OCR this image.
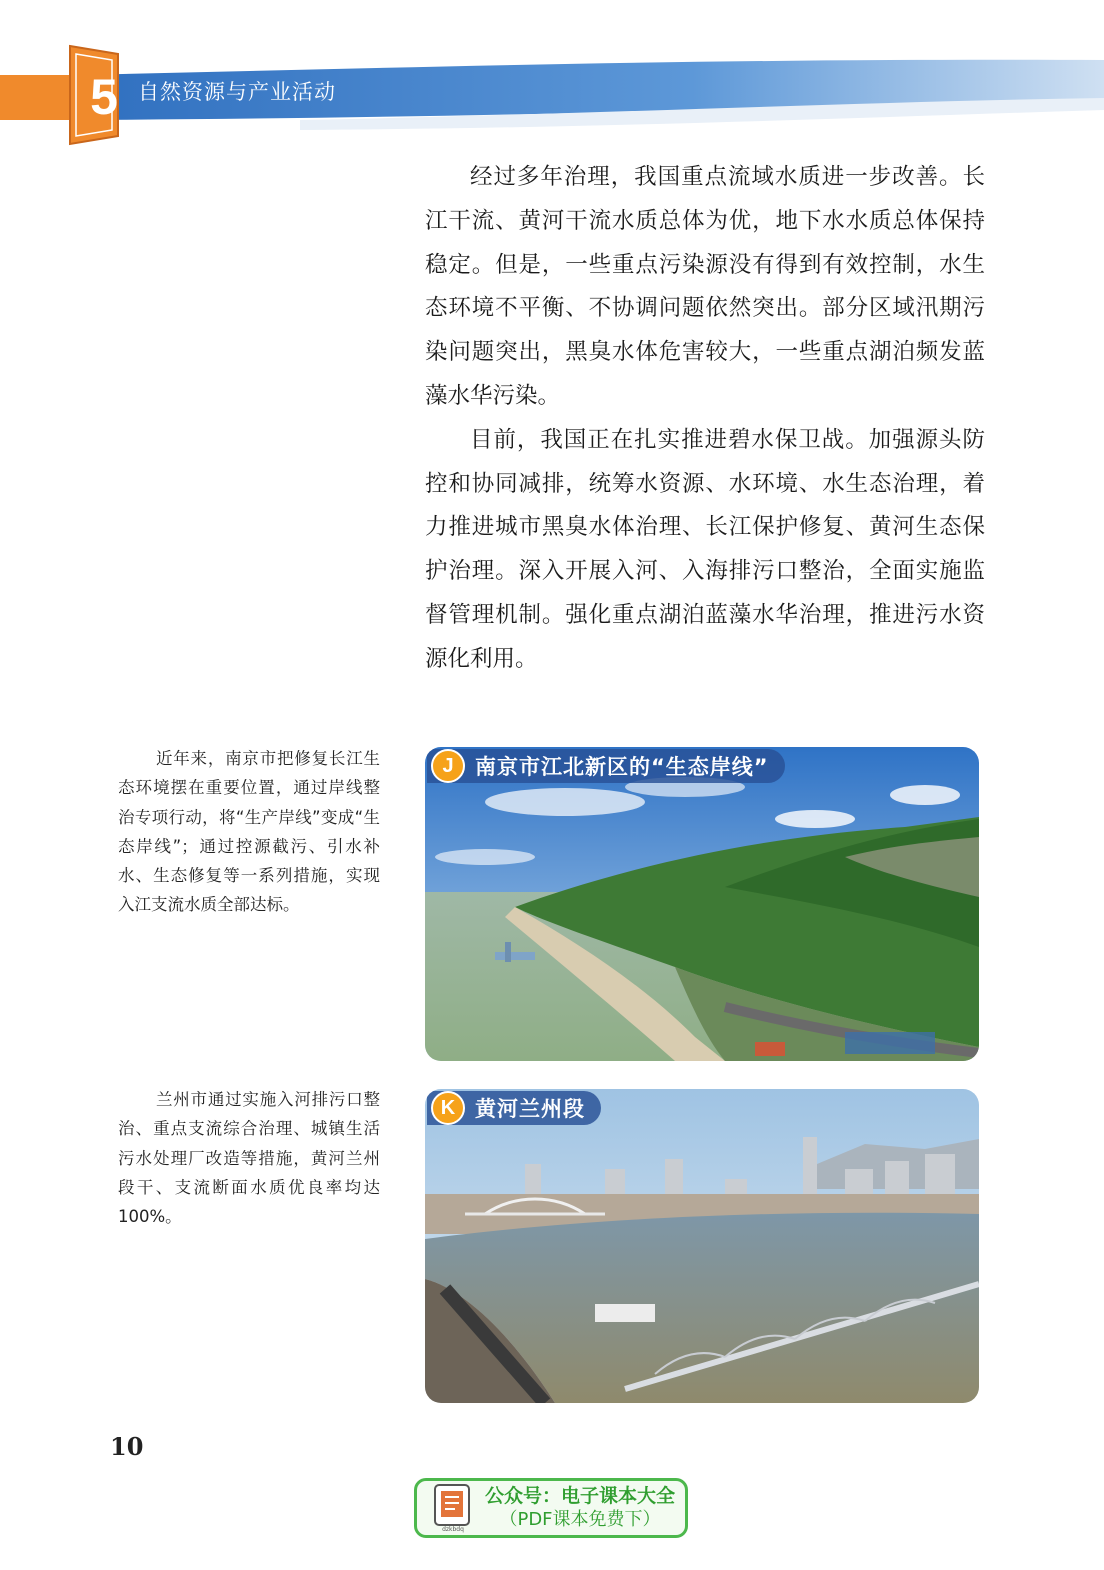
5 自然资源与产业活动

经过多年治理，我国重点流域水质进一步改善。长江干流、黄河干流水质总体为优，地下水水质总体保持稳定。但是，一些重点污染源没有得到有效控制，水生态环境不平衡、不协调问题依然突出。部分区域汛期污染问题突出，黑臭水体危害较大，一些重点湖泊频发蓝藻水华污染。

目前，我国正在扎实推进碧水保卫战。加强源头防控和协同减排，统筹水资源、水环境、水生态治理，着力推进城市黑臭水体治理、长江保护修复、黄河生态保护治理。深入开展入河、入海排污口整治，全面实施监督管理机制。强化重点湖泊蓝藻水华治理，推进污水资源化利用。

近年来，南京市把修复长江生态环境摆在重要位置，通过岸线整治专项行动，将“生产岸线”变成“生态岸线”；通过控源截污、引水补水、生态修复等一系列措施，实现入江支流水质全部达标。

J	南京市江北新区的“生态岸线”

兰州市通过实施入河排污口整治、重点支流综合治理、城镇生活污水处理厂改造等措施，黄河兰州段干、支流断面水质优良率均达 100%。

K 黄河兰州段
10
dzkbdq
公众号：电子课本大全
（PDF课本免费下）
